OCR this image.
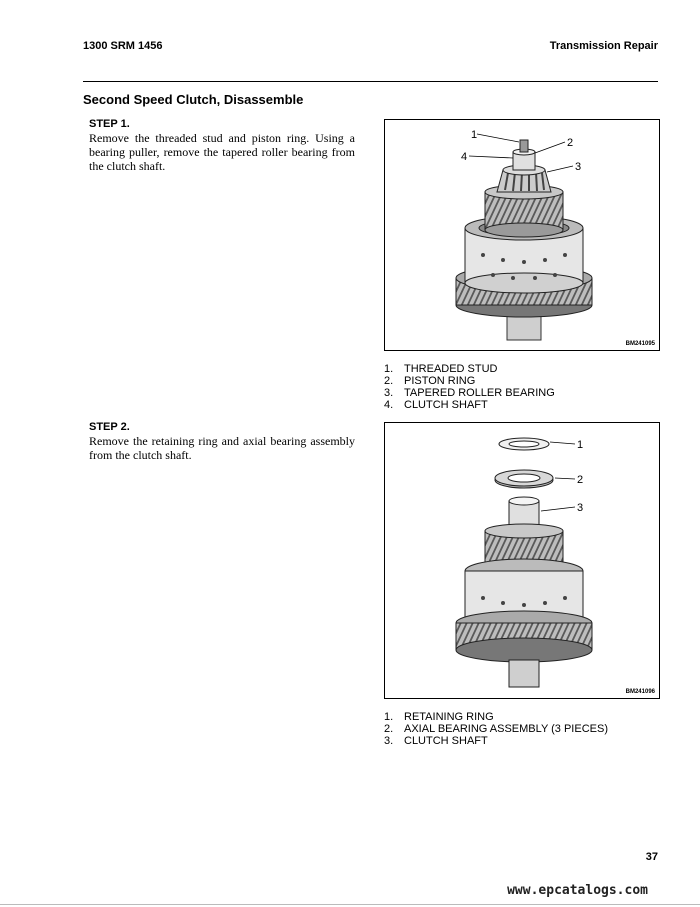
1300 SRM 1456	Transmission Repair
Second Speed Clutch, Disassemble
STEP 1.
Remove the threaded stud and piston ring. Using a bearing puller, remove the tapered roller bearing from the clutch shaft.
1
2
3
4
BM241095
1. THREADED STUD
2. PISTON RING
3. TAPERED ROLLER BEARING
4. CLUTCH SHAFT
STEP 2.
Remove the retaining ring and axial bearing assembly from the clutch shaft.
1
2
3
BM241096
1. RETAINING RING
2. AXIAL BEARING ASSEMBLY (3 PIECES)
3. CLUTCH SHAFT
37
www.epcatalogs.com
